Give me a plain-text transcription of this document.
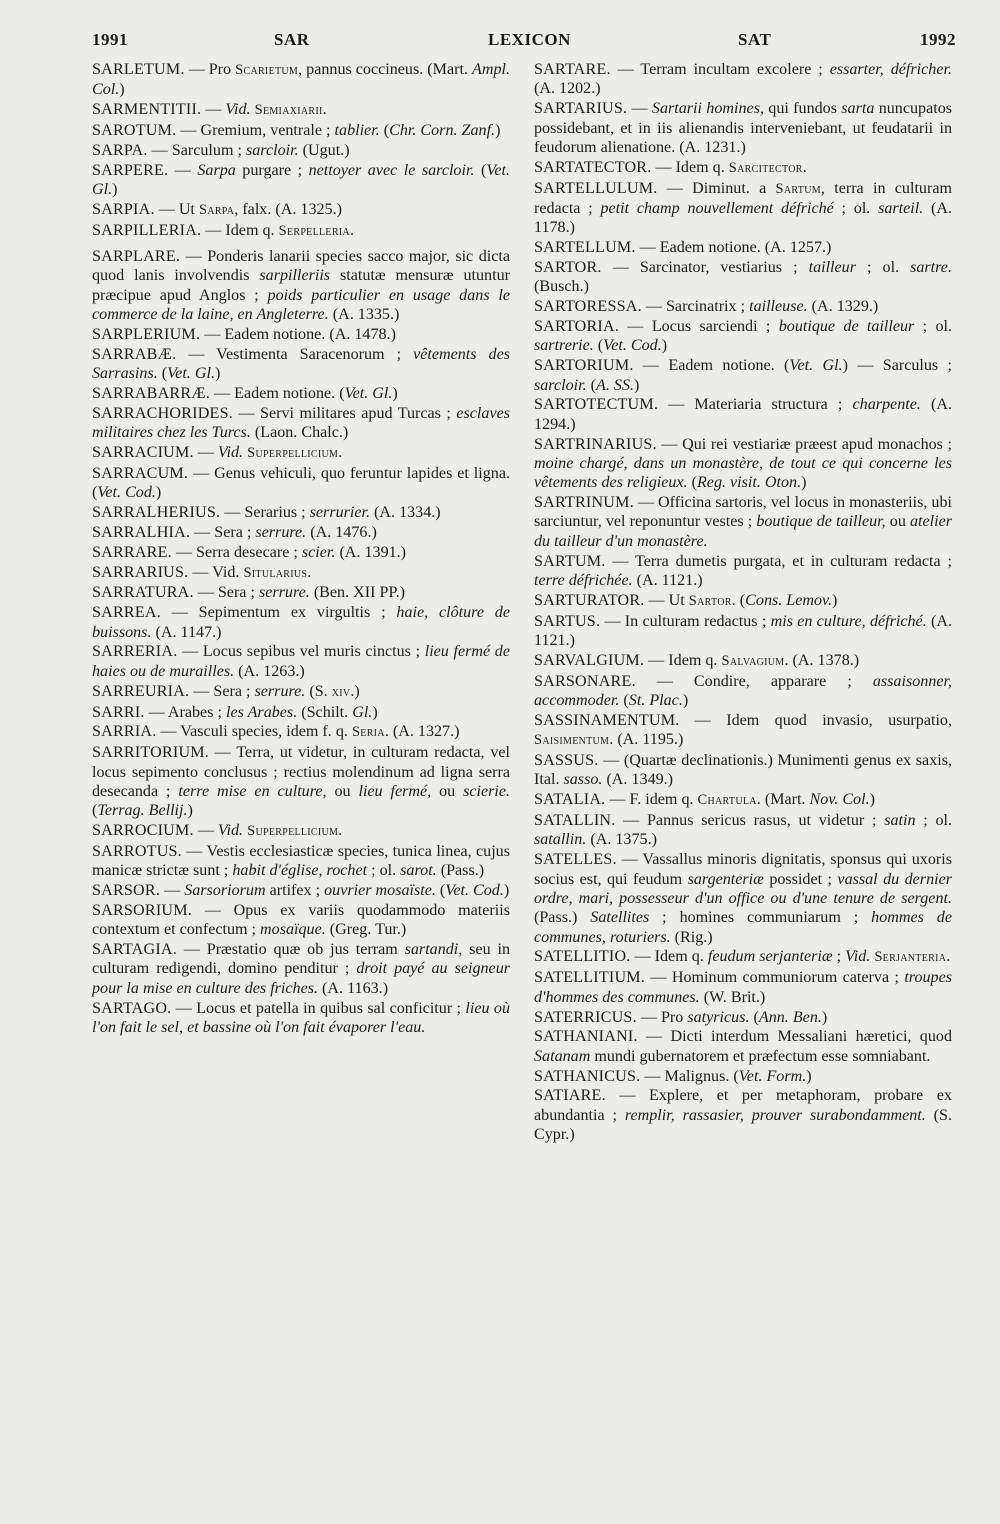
1991	SAR	LEXICON	SAT	1992
SARLETUM. — Pro Scarietum, pannus coccineus. (Mart. Ampl. Col.)
SARMENTITII. — Vid. Semiaxiarii.
SAROTUM. — Gremium, ventrale ; tablier. (Chr. Corn. Zanf.)
SARPA. — Sarculum ; sarcloir. (Ugut.)
SARPERE. — Sarpa purgare ; nettoyer avec le sarcloir. (Vet. Gl.)
SARPIA. — Ut Sarpa, falx. (A. 1325.)
SARPILLERIA. — Idem q. Serpelleria.
SARPLARE. — Ponderis lanarii species sacco major, sic dicta quod lanis involvendis sarpilleriis statutæ mensuræ utuntur præcipue apud Anglos ; poids particulier en usage dans le commerce de la laine, en Angleterre. (A. 1335.)
SARPLERIUM. — Eadem notione. (A. 1478.)
SARRABÆ. — Vestimenta Saracenorum ; vêtements des Sarrasins. (Vet. Gl.)
SARRABARRÆ. — Eadem notione. (Vet. Gl.)
SARRACHORIDES. — Servi militares apud Turcas ; esclaves militaires chez les Turcs. (Laon. Chalc.)
SARRACIUM. — Vid. Superpellicium.
SARRACUM. — Genus vehiculi, quo feruntur lapides et ligna. (Vet. Cod.)
SARRALHERIUS. — Serarius ; serrurier. (A. 1334.)
SARRALHIA. — Sera ; serrure. (A. 1476.)
SARRARE. — Serra desecare ; scier. (A. 1391.)
SARRARIUS. — Vid. Sitularius.
SARRATURA. — Sera ; serrure. (Ben. XII PP.)
SARREA. — Sepimentum ex virgultis ; haie, clôture de buissons. (A. 1147.)
SARRERIA. — Locus sepibus vel muris cinctus ; lieu fermé de haies ou de murailles. (A. 1263.)
SARREURIA. — Sera ; serrure. (S. xiv.)
SARRI. — Arabes ; les Arabes. (Schilt. Gl.)
SARRIA. — Vasculi species, idem f. q. Seria. (A. 1327.)
SARRITORIUM. — Terra, ut videtur, in culturam redacta, vel locus sepimento conclusus ; rectius molendinum ad ligna serra desecanda ; terre mise en culture, ou lieu fermé, ou scierie. (Terrag. Bellij.)
SARROCIUM. — Vid. Superpellicium.
SARROTUS. — Vestis ecclesiasticæ species, tunica linea, cujus manicæ strictæ sunt ; habit d'église, rochet ; ol. sarot. (Pass.)
SARSOR. — Sarsoriorum artifex ; ouvrier mosaïste. (Vet. Cod.)
SARSORIUM. — Opus ex variis quodammodo materiis contextum et confectum ; mosaïque. (Greg. Tur.)
SARTAGIA. — Præstatio quæ ob jus terram sartandi, seu in culturam redigendi, domino penditur ; droit payé au seigneur pour la mise en culture des friches. (A. 1163.)
SARTAGO. — Locus et patella in quibus sal conficitur ; lieu où l'on fait le sel, et bassine où l'on fait évaporer l'eau.
SARTARE. — Terram incultam excolere ; essarter, défricher. (A. 1202.)
SARTARIUS. — Sartarii homines, qui fundos sarta nuncupatos possidebant, et in iis alienandis interveniebant, ut feudatarii in feudorum alienatione. (A. 1231.)
SARTATECTOR. — Idem q. Sarcitector.
SARTELLULUM. — Diminut. a Sartum, terra in culturam redacta ; petit champ nouvellement défriché ; ol. sarteil. (A. 1178.)
SARTELLUM. — Eadem notione. (A. 1257.)
SARTOR. — Sarcinator, vestiarius ; tailleur ; ol. sartre. (Busch.)
SARTORESSA. — Sarcinatrix ; tailleuse. (A. 1329.)
SARTORIA. — Locus sarciendi ; boutique de tailleur ; ol. sartrerie. (Vet. Cod.)
SARTORIUM. — Eadem notione. (Vet. Gl.) — Sarculus ; sarcloir. (A. SS.)
SARTOTECTUM. — Materiaria structura ; charpente. (A. 1294.)
SARTRINARIUS. — Qui rei vestiariæ præest apud monachos ; moine chargé, dans un monastère, de tout ce qui concerne les vêtements des religieux. (Reg. visit. Oton.)
SARTRINUM. — Officina sartoris, vel locus in monasteriis, ubi sarciuntur, vel reponuntur vestes ; boutique de tailleur, ou atelier du tailleur d'un monastère.
SARTUM. — Terra dumetis purgata, et in culturam redacta ; terre défrichée. (A. 1121.)
SARTURATOR. — Ut Sartor. (Cons. Lemov.)
SARTUS. — In culturam redactus ; mis en culture, défriché. (A. 1121.)
SARVALGIUM. — Idem q. Salvagium. (A. 1378.)
SARSONARE. — Condire, apparare ; assaisonner, accommoder. (St. Plac.)
SASSINAMENTUM. — Idem quod invasio, usurpatio, Saisimentum. (A. 1195.)
SASSUS. — (Quartæ declinationis.) Munimenti genus ex saxis, Ital. sasso. (A. 1349.)
SATALIA. — F. idem q. Chartula. (Mart. Nov. Col.)
SATALLIN. — Pannus sericus rasus, ut videtur ; satin ; ol. satallin. (A. 1375.)
SATELLES. — Vassallus minoris dignitatis, sponsus qui uxoris socius est, qui feudum sargenteriæ possidet ; vassal du dernier ordre, mari, possesseur d'un office ou d'une tenure de sergent. (Pass.) Satellites ; homines communiarum ; hommes de communes, roturiers. (Rig.)
SATELLITIO. — Idem q. feudum serjanteriæ ; Vid. Serjanteria.
SATELLITIUM. — Hominum communiorum caterva ; troupes d'hommes des communes. (W. Brit.)
SATERRICUS. — Pro satyricus. (Ann. Ben.)
SATHANIANI. — Dicti interdum Messaliani hæretici, quod Satanam mundi gubernatorem et præfectum esse somniabant.
SATHANICUS. — Malignus. (Vet. Form.)
SATIARE. — Explere, et per metaphoram, probare ex abundantia ; remplir, rassasier, prouver surabondamment. (S. Cypr.)
